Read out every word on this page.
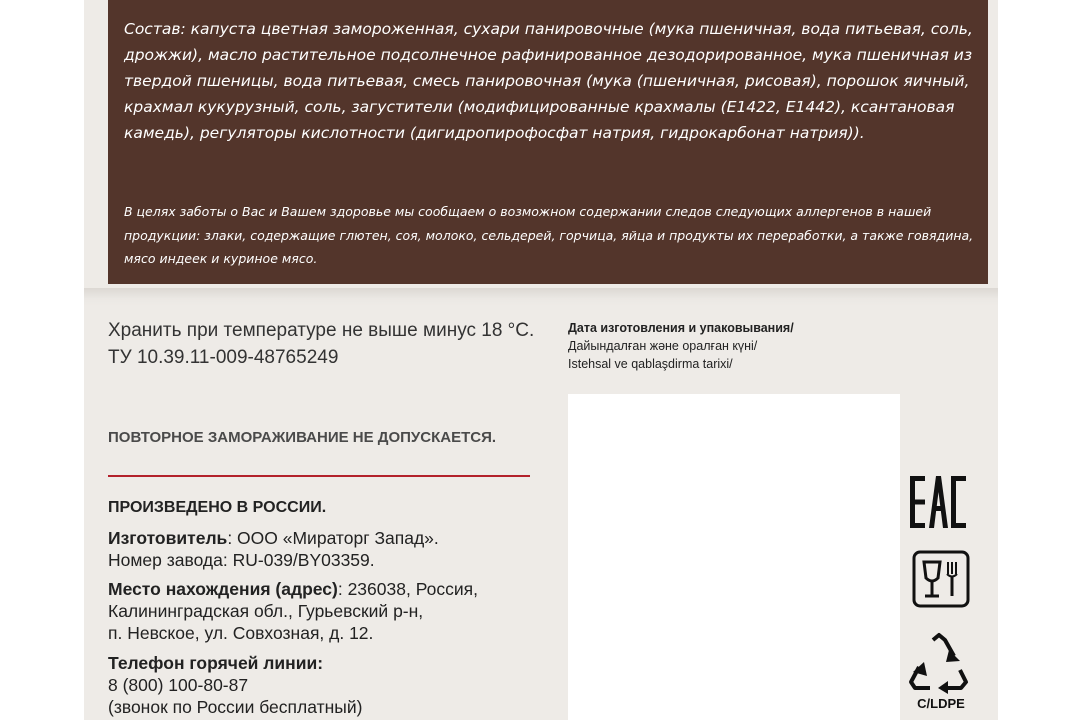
Состав: капуста цветная замороженная, сухари панировочные (мука пшеничная, вода питьевая, соль, дрожжи), масло растительное подсолнечное рафинированное дезодорированное, мука пшеничная из твердой пшеницы, вода питьевая, смесь панировочная (мука (пшеничная, рисовая), порошок яичный, крахмал кукурузный, соль, загустители (модифицированные крахмалы (Е1422, Е1442), ксантановая камедь), регуляторы кислотности (дигидропирофосфат натрия, гидрокарбонат натрия)).

В целях заботы о Вас и Вашем здоровье мы сообщаем о возможном содержании следов следующих аллергенов в нашей продукции: злаки, содержащие глютен, соя, молоко, сельдерей, горчица, яйца и продукты их переработки, а также говядина, мясо индеек и куриное мясо.

Хранить при температуре не выше минус 18 °С.
ТУ 10.39.11-009-48765249
ПОВТОРНОЕ ЗАМОРАЖИВАНИЕ НЕ ДОПУСКАЕТСЯ.
ПРОИЗВЕДЕНО В РОССИИ.
Изготовитель: ООО «Мираторг Запад».
Номер завода: RU-039/BY03359.
Место нахождения (адрес): 236038, Россия,
Калининградская обл., Гурьевский р-н,
п. Невское, ул. Совхозная, д. 12.
Телефон горячей линии:
8 (800) 100-80-87
(звонок по России бесплатный)
Дата изготовления и упаковывания/
Дайындалған және оралған күні/
Istehsal ve qablaşdirma tarixi/
C/LDPE
